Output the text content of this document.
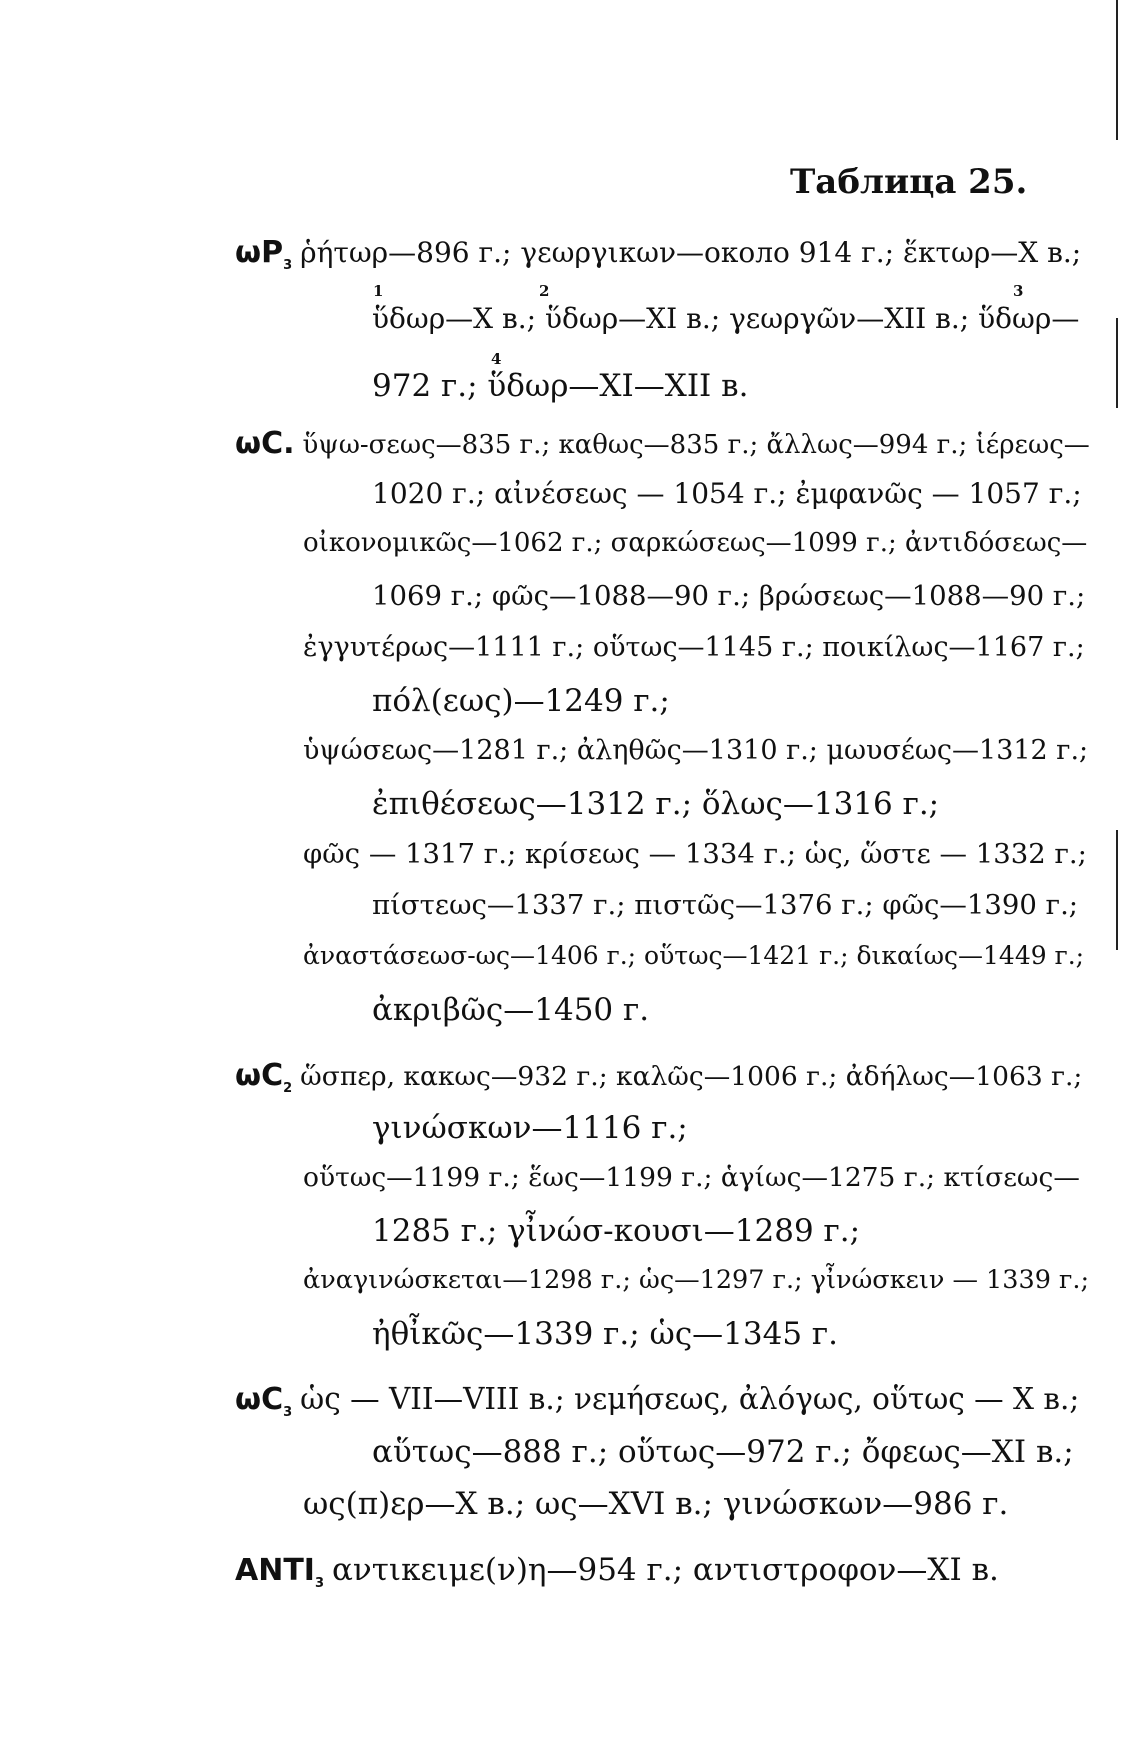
Таблица 25.
$\omega P_3$ ῥήτωρ—896 г.; γεωργικων—около 914 г.; ἕκτωρ—X в.;
1	2	3
ὕδωρ—X в.; ὕδωρ—XI в.; γεωργῶν—XII в.; ὕδωρ—
4
972 г.; ὕδωρ—XI—XII в.
ωϹ. ὕψω-σεως—835 г.; καθως—835 г.; ἄλλως—994 г.; ἱέρεως—
1020 г.; αἰνέσεως — 1054 г.; ἐμφανῶς — 1057 г.;
οἰκονομικῶς—1062 г.; σαρκώσεως—1099 г.; ἀντιδόσεως—
1069 г.; φῶς—1088—90 г.; βρώσεως—1088—90 г.;
ἐγγυτέρως—1111 г.; οὕτως—1145 г.; ποικίλως—1167 г.;
πόλ(εως)—1249 г.;
ὑψώσεως—1281 г.; ἀληθῶς—1310 г.; μωυσέως—1312 г.;
ἐπιθέσεως—1312 г.; ὅλως—1316 г.;
φῶς — 1317 г.; κρίσεως — 1334 г.; ὡς, ὥστε — 1332 г.;
πίστεως—1337 г.; πιστῶς—1376 г.; φῶς—1390 г.;
ἀναστάσεωσ-ως—1406 г.; οὕτως—1421 г.; δικαίως—1449 г.;
ἀκριβῶς—1450 г.
$\omega Ϲ_2$ ὥσπερ, κακως—932 г.; καλῶς—1006 г.; ἀδήλως—1063 г.;
γινώσκων—1116 г.;
οὕτως—1199 г.; ἕως—1199 г.; ἁγίως—1275 г.; κτίσεως—
1285 г.; γἶνώσ-κουσι—1289 г.;
ἀναγινώσκεται—1298 г.; ὡς—1297 г.; γἶνώσκειν — 1339 г.;
ἠθἶκῶς—1339 г.; ὡς—1345 г.
$\omega Ϲ_3$ ὡς — VII—VIII в.; νεμήσεως, ἀλόγως, οὕτως — X в.;
αὕτως—888 г.; οὕτως—972 г.; ὄφεως—XI в.;
ως(π)ερ—X в.; ως—XVI в.; γινώσκων—986 г.
$ANTI_3$ αντικειμε(ν)η—954 г.; αντιστροφον—XI в.
